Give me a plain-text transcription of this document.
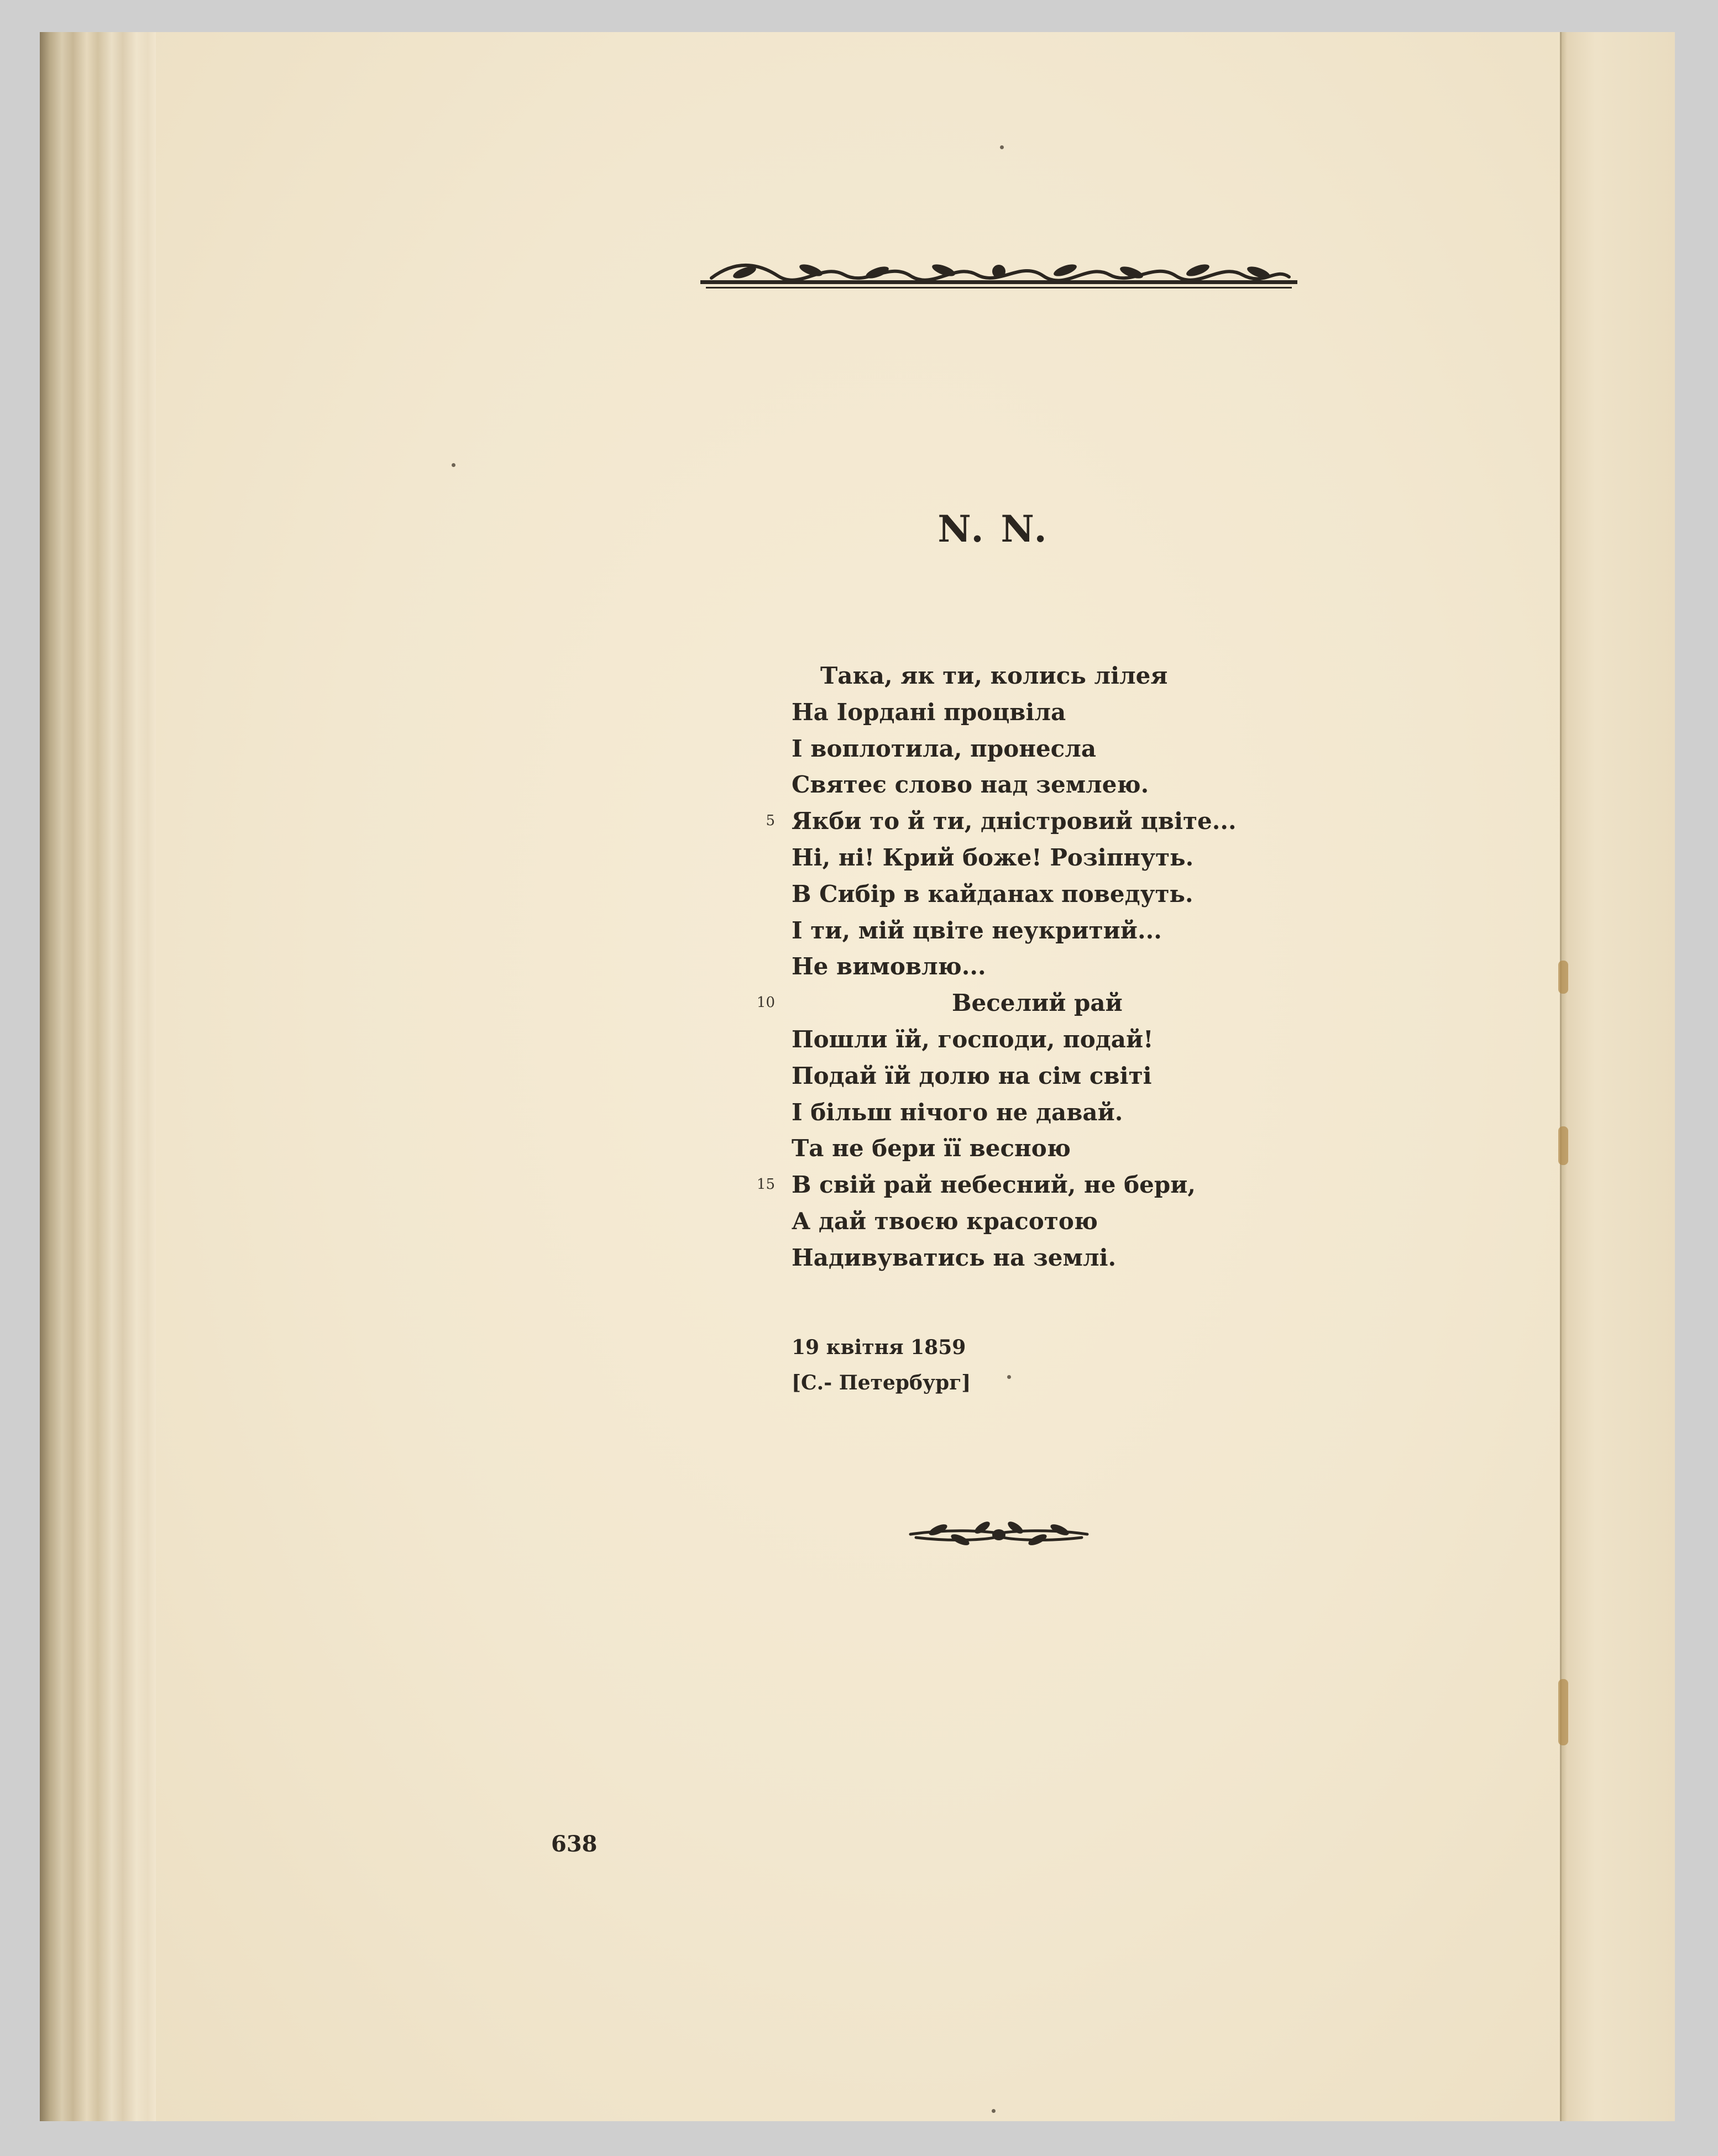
N. N.
Така, як ти, колись лілея
На Іордані процвіла
І воплотила, пронесла
Святеє слово над землею.
5 Якби то й ти, дністровий цвіте...
Ні, ні! Крий боже! Розіпнуть.
В Сибір в кайданах поведуть.
І ти, мій цвіте неукритий...
Не вимовлю...
10	Веселий рай
Пошли їй, господи, подай!
Подай їй долю на сім світі
І більш нічого не давай.
Та не бери її весною
15 В свій рай небесний, не бери,
А дай твоєю красотою
Надивуватись на землі.
19 квітня 1859
[С.- Петербург]
638
